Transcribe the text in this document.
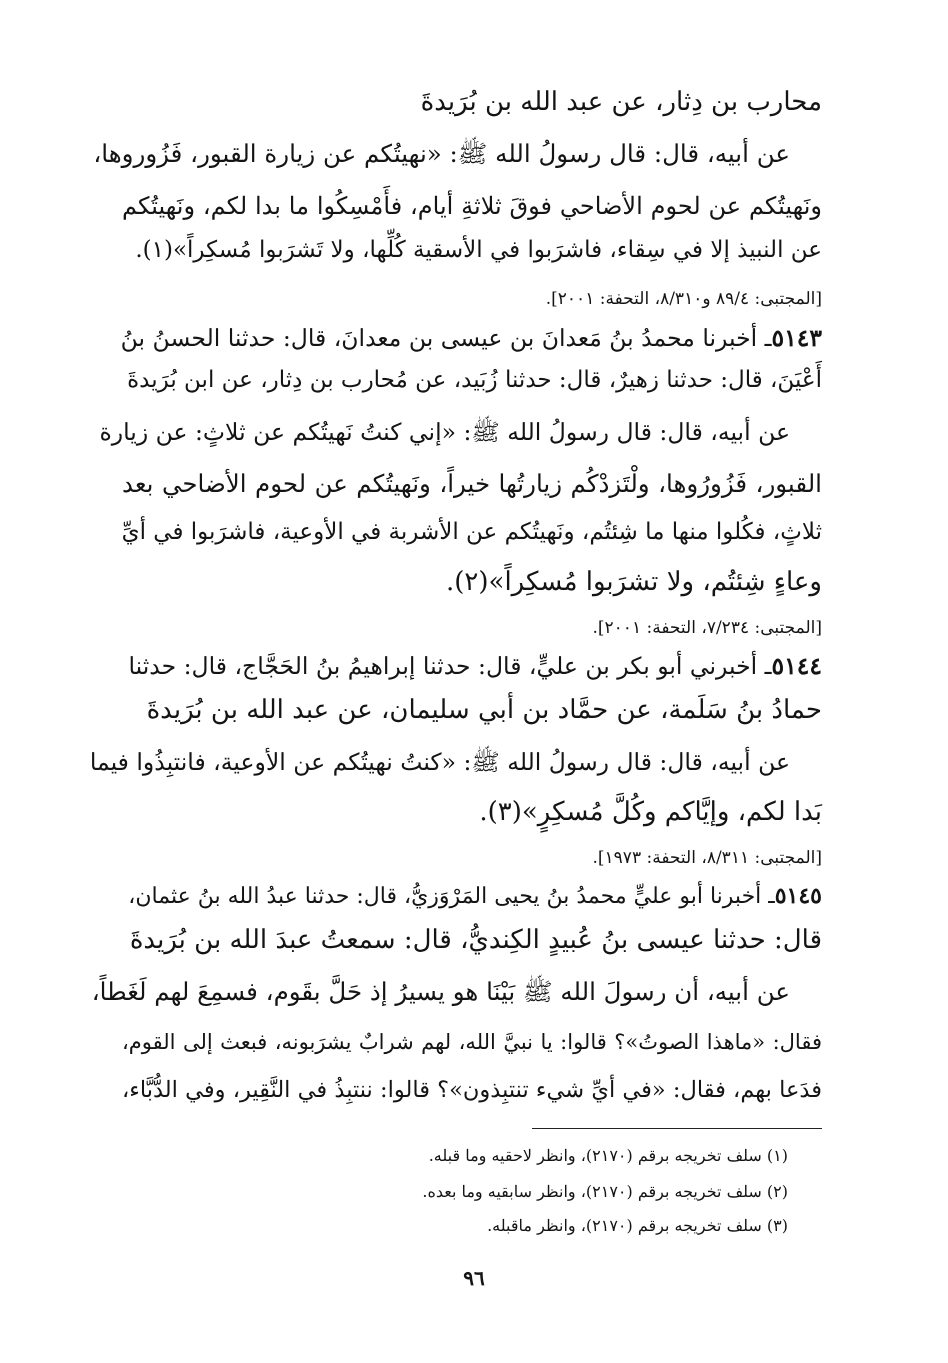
محارب بن دِثار، عن عبد الله بن بُرَيدةَ
عن أبيه، قال: قال رسولُ الله ﷺ: «نهيتُكم عن زيارة القبور، فَزُوروها،
ونَهيتُكم عن لحوم الأضاحي فوقَ ثلاثةِ أيام، فأَمْسِكُوا ما بدا لكم، ونَهيتُكم
عن النبيذ إلا في سِقاء، فاشرَبوا في الأسقية كُلِّها، ولا تَشرَبوا مُسكِراً»(١).
[المجتبى: ٨٩/٤ و٨/٣١٠، التحفة: ٢٠٠١].
٥١٤٣ـ أخبرنا محمدُ بنُ مَعدانَ بن عيسى بن معدانَ، قال: حدثنا الحسنُ بنُ
أَعْيَنَ، قال: حدثنا زهيرٌ، قال: حدثنا زُبَيد، عن مُحارب بن دِثار، عن ابن بُرَيدةَ
عن أبيه، قال: قال رسولُ الله ﷺ: «إني كنتُ نَهيتُكم عن ثلاثٍ: عن زيارة
القبور، فَزُورُوها، ولْتَزدْكُم زيارتُها خيراً، ونَهيتُكم عن لحوم الأضاحي بعد
ثلاثٍ، فكُلوا منها ما شِئتُم، ونَهيتُكم عن الأشربة في الأوعية، فاشرَبوا في أيِّ
وعاءٍ شِئتُم، ولا تشرَبوا مُسكِراً»(٢).
[المجتبى: ٧/٢٣٤، التحفة: ٢٠٠١].
٥١٤٤ـ أخبرني أبو بكر بن عليٍّ، قال: حدثنا إبراهيمُ بنُ الحَجَّاج، قال: حدثنا
حمادُ بنُ سَلَمة، عن حمَّاد بن أبي سليمان، عن عبد الله بن بُرَيدةَ
عن أبيه، قال: قال رسولُ الله ﷺ: «كنتُ نهيتُكم عن الأوعية، فانتبِذُوا فيما
بَدا لكم، وإيَّاكم وكُلَّ مُسكِرٍ»(٣).
[المجتبى: ٨/٣١١، التحفة: ١٩٧٣].
٥١٤٥ـ أخبرنا أبو عليٍّ محمدُ بنُ يحيى المَرْوَزيُّ، قال: حدثنا عبدُ الله بنُ عثمان،
قال: حدثنا عيسى بنُ عُبيدٍ الكِنديُّ، قال: سمعتُ عبدَ الله بن بُرَيدةَ
عن أبيه، أن رسولَ الله ﷺ بَيْنَا هو يسيرُ إذ حَلَّ بقَوم، فسمِعَ لهم لَغَطاً،
فقال: «ماهذا الصوتُ»؟ قالوا: يا نبيَّ الله، لهم شرابٌ يشرَبونه، فبعث إلى القوم،
فدَعا بهم، فقال: «في أيِّ شيء تنتبِذون»؟ قالوا: ننتبِذُ في النَّقِير، وفي الدُّبَّاء،
(١) سلف تخريجه برقم (٢١٧٠)، وانظر لاحقيه وما قبله.
(٢) سلف تخريجه برقم (٢١٧٠)، وانظر سابقيه وما بعده.
(٣) سلف تخريجه برقم (٢١٧٠)، وانظر ماقبله.
٩٦
